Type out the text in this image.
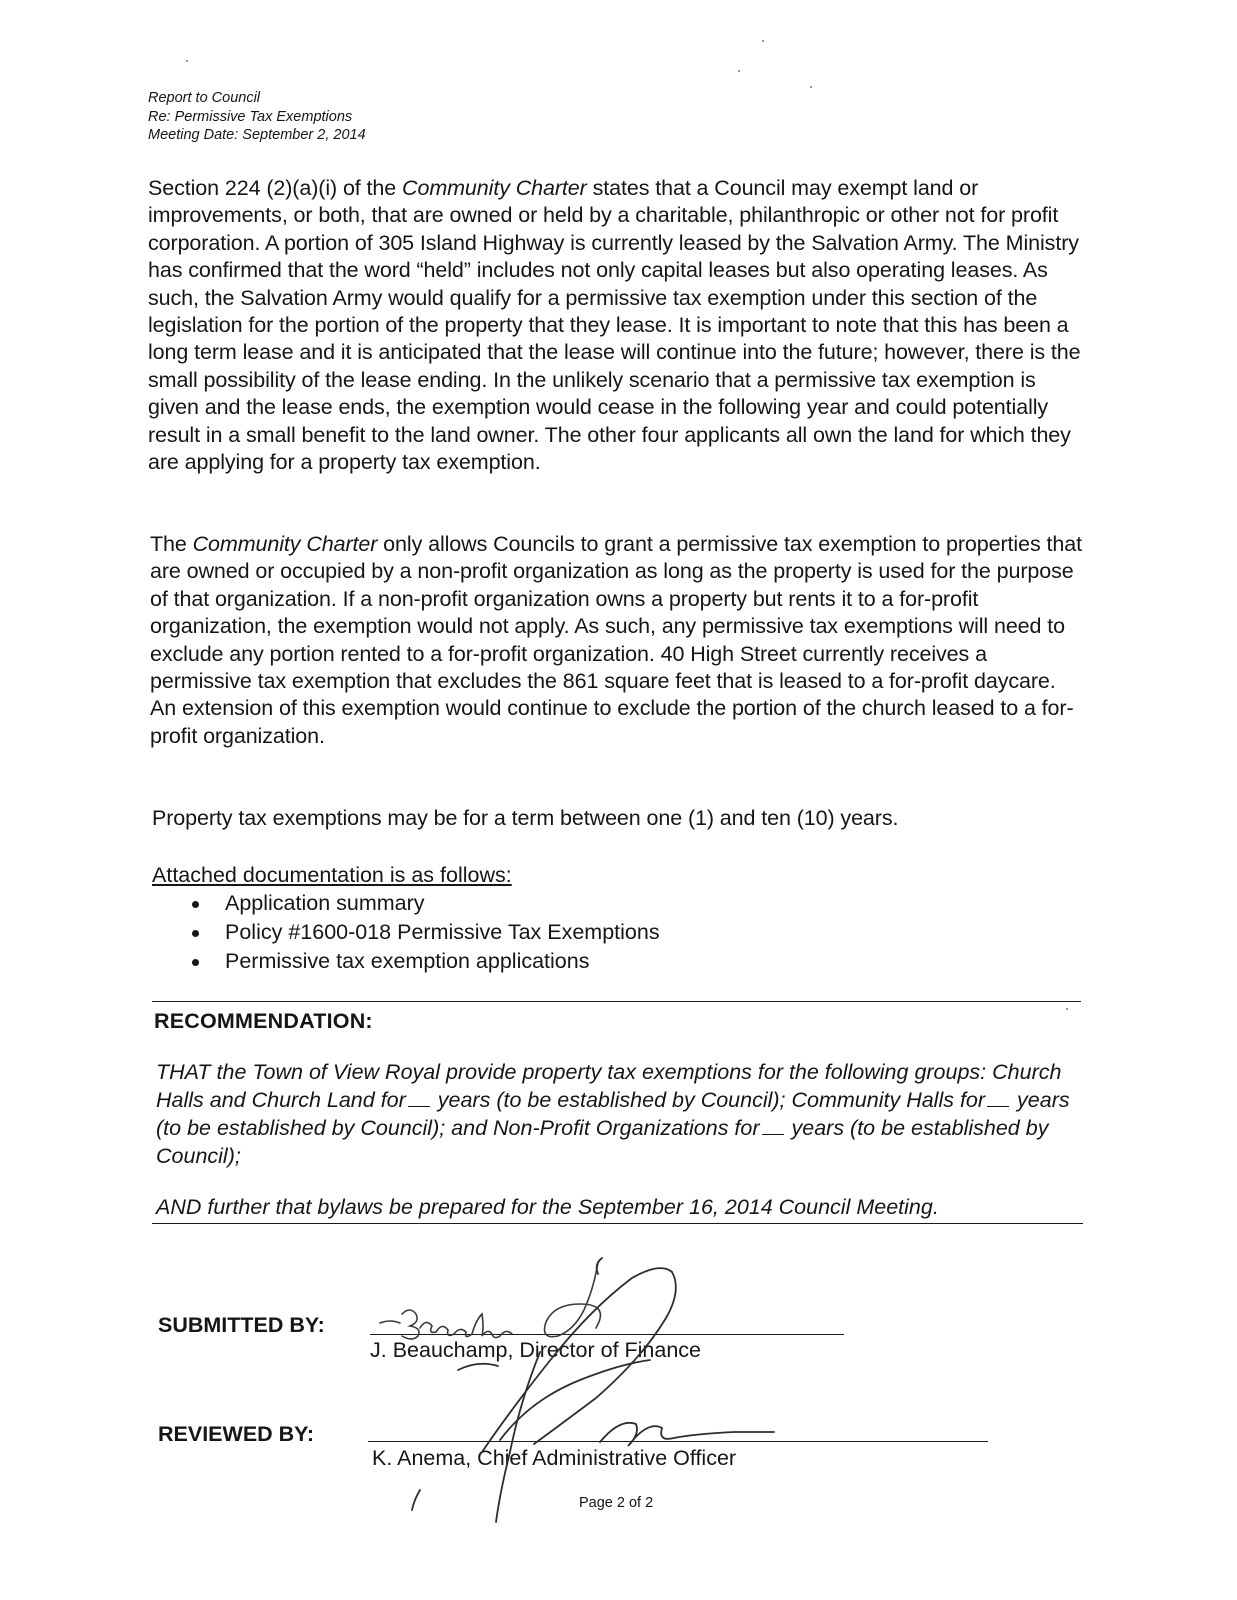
Report to Council
Re: Permissive Tax Exemptions
Meeting Date: September 2, 2014
Section 224 (2)(a)(i) of the Community Charter states that a Council may exempt land or improvements, or both, that are owned or held by a charitable, philanthropic or other not for profit corporation. A portion of 305 Island Highway is currently leased by the Salvation Army. The Ministry has confirmed that the word “held” includes not only capital leases but also operating leases. As such, the Salvation Army would qualify for a permissive tax exemption under this section of the legislation for the portion of the property that they lease. It is important to note that this has been a long term lease and it is anticipated that the lease will continue into the future; however, there is the small possibility of the lease ending. In the unlikely scenario that a permissive tax exemption is given and the lease ends, the exemption would cease in the following year and could potentially result in a small benefit to the land owner. The other four applicants all own the land for which they are applying for a property tax exemption.
The Community Charter only allows Councils to grant a permissive tax exemption to properties that are owned or occupied by a non-profit organization as long as the property is used for the purpose of that organization. If a non-profit organization owns a property but rents it to a for-profit organization, the exemption would not apply. As such, any permissive tax exemptions will need to exclude any portion rented to a for-profit organization. 40 High Street currently receives a permissive tax exemption that excludes the 861 square feet that is leased to a for-profit daycare. An extension of this exemption would continue to exclude the portion of the church leased to a for-profit organization.
Property tax exemptions may be for a term between one (1) and ten (10) years.
Attached documentation is as follows:
Application summary
Policy #1600-018 Permissive Tax Exemptions
Permissive tax exemption applications
RECOMMENDATION:
THAT the Town of View Royal provide property tax exemptions for the following groups: Church Halls and Church Land for years (to be established by Council); Community Halls for years (to be established by Council); and Non-Profit Organizations for years (to be established by Council);
AND further that bylaws be prepared for the September 16, 2014 Council Meeting.
SUBMITTED BY:
J. Beauchamp, Director of Finance
REVIEWED BY:
K. Anema, Chief Administrative Officer
Page 2 of 2
